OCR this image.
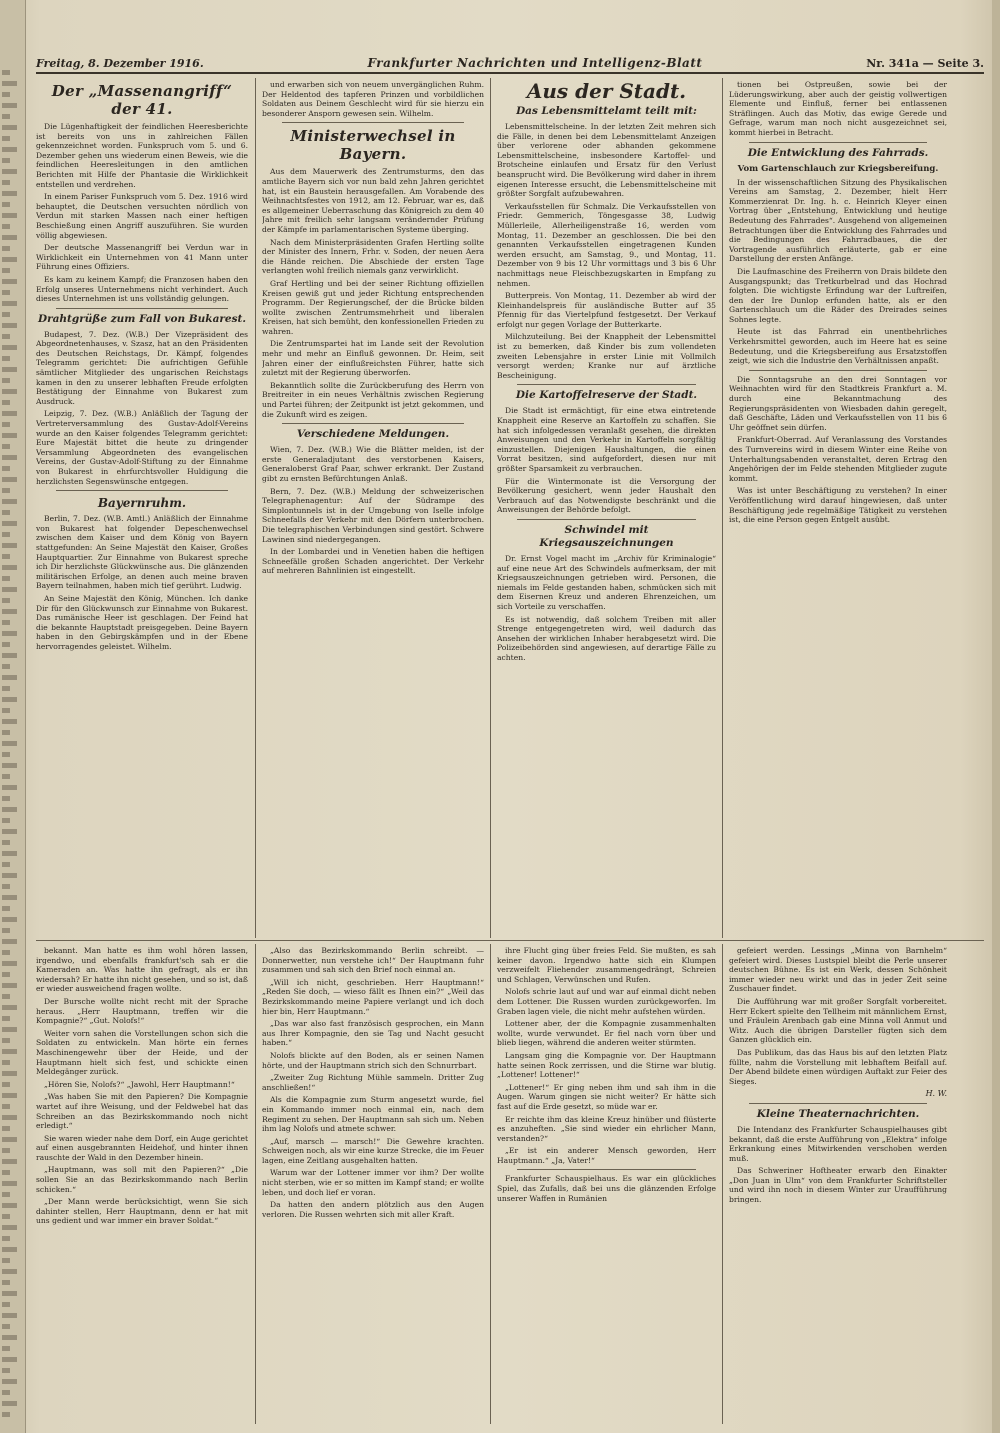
Freitag, 8. Dezember 1916.	Frankfurter Nachrichten und Intelligenz-Blatt	Nr. 341a — Seite 3.
Der „Massenangriff“ der 41.

Die Lügenhaftigkeit der feindlichen Heeresberichte ist bereits von uns in zahlreichen Fällen gekennzeichnet worden. Funkspruch vom 5. und 6. Dezember gehen uns wiederum einen Beweis, wie die feindlichen Heeresleitungen in den amtlichen Berichten mit Hilfe der Phantasie die Wirklichkeit entstellen und verdrehen.

In einem Pariser Funkspruch vom 5. Dez. 1916 wird behauptet, die Deutschen versuchten nördlich von Verdun mit starken Massen nach einer heftigen Beschießung einen Angriff auszuführen. Sie wurden völlig abgewiesen.

Der deutsche Massenangriff bei Verdun war in Wirklichkeit ein Unternehmen von 41 Mann unter Führung eines Offiziers.

Es kam zu keinem Kampf; die Franzosen haben den Erfolg unseres Unternehmens nicht verhindert. Auch dieses Unternehmen ist uns vollständig gelungen.

Drahtgrüße zum Fall von Bukarest.

Budapest, 7. Dez. (W.B.) Der Vizepräsident des Abgeordnetenhauses, v. Szasz, hat an den Präsidenten des Deutschen Reichstags, Dr. Kämpf, folgendes Telegramm gerichtet: Die aufrichtigen Gefühle sämtlicher Mitglieder des ungarischen Reichstags kamen in den zu unserer lebhaften Freude erfolgten Bestätigung der Einnahme von Bukarest zum Ausdruck.

Leipzig, 7. Dez. (W.B.) Anläßlich der Tagung der Vertreterversammlung des Gustav-Adolf-Vereins wurde an den Kaiser folgendes Telegramm gerichtet: Eure Majestät bittet die heute zu dringender Versammlung Abgeordneten des evangelischen Vereins, der Gustav-Adolf-Stiftung zu der Einnahme von Bukarest in ehrfurchtsvoller Huldigung die herzlichsten Segenswünsche entgegen.

Bayernruhm.

Berlin, 7. Dez. (W.B. Amtl.) Anläßlich der Einnahme von Bukarest hat folgender Depeschenwechsel zwischen dem Kaiser und dem König von Bayern stattgefunden: An Seine Majestät den Kaiser, Großes Hauptquartier. Zur Einnahme von Bukarest spreche ich Dir herzlichste Glückwünsche aus. Die glänzenden militärischen Erfolge, an denen auch meine braven Bayern teilnahmen, haben mich tief gerührt. Ludwig.

An Seine Majestät den König, München. Ich danke Dir für den Glückwunsch zur Einnahme von Bukarest. Das rumänische Heer ist geschlagen. Der Feind hat die bekannte Hauptstadt preisgegeben. Deine Bayern haben in den Gebirgskämpfen und in der Ebene hervorragendes geleistet. Wilhelm.

und erwarben sich von neuem unvergänglichen Ruhm. Der Heldentod des tapferen Prinzen und vorbildlichen Soldaten aus Deinem Geschlecht wird für sie hierzu ein besonderer Ansporn gewesen sein. Wilhelm.

Ministerwechsel in Bayern.

Aus dem Mauerwerk des Zentrumsturms, den das amtliche Bayern sich vor nun bald zehn Jahren gerichtet hat, ist ein Baustein herausgefallen. Am Vorabende des Weihnachtsfestes von 1912, am 12. Februar, war es, daß es allgemeiner Ueberraschung das Königreich zu dem 40 Jahre mit freilich sehr langsam verändernder Prüfung der Kämpfe im parlamentarischen Systeme überging.

Nach dem Ministerpräsidenten Grafen Hertling sollte der Minister des Innern, Frhr. v. Soden, der neuen Aera die Hände reichen. Die Abschiede der ersten Tage verlangten wohl freilich niemals ganz verwirklicht.

Graf Hertling und bei der seiner Richtung offiziellen Kreisen gewiß gut und jeder Richtung entsprechenden Programm. Der Regierungschef, der die Brücke bilden wollte zwischen Zentrumsmehrheit und liberalen Kreisen, hat sich bemüht, den konfessionellen Frieden zu wahren.

Die Zentrumspartei hat im Lande seit der Revolution mehr und mehr an Einfluß gewonnen. Dr. Heim, seit Jahren einer der einflußreichsten Führer, hatte sich zuletzt mit der Regierung überworfen.

Bekanntlich sollte die Zurückberufung des Herrn von Breitreiter in ein neues Verhältnis zwischen Regierung und Partei führen; der Zeitpunkt ist jetzt gekommen, und die Zukunft wird es zeigen.

Verschiedene Meldungen.

Wien, 7. Dez. (W.B.) Wie die Blätter melden, ist der erste Generaladjutant des verstorbenen Kaisers, Generaloberst Graf Paar, schwer erkrankt. Der Zustand gibt zu ernsten Befürchtungen Anlaß.

Bern, 7. Dez. (W.B.) Meldung der schweizerischen Telegraphenagentur: Auf der Südrampe des Simplontunnels ist in der Umgebung von Iselle infolge Schneefalls der Verkehr mit den Dörfern unterbrochen. Die telegraphischen Verbindungen sind gestört. Schwere Lawinen sind niedergegangen.

In der Lombardei und in Venetien haben die heftigen Schneefälle großen Schaden angerichtet. Der Verkehr auf mehreren Bahnlinien ist eingestellt.

Aus der Stadt.
Das Lebensmittelamt teilt mit:

Lebensmittelscheine. In der letzten Zeit mehren sich die Fälle, in denen bei dem Lebensmittelamt Anzeigen über verlorene oder abhanden gekommene Lebensmittelscheine, insbesondere Kartoffel- und Brotscheine einlaufen und Ersatz für den Verlust beansprucht wird. Die Bevölkerung wird daher in ihrem eigenen Interesse ersucht, die Lebensmittelscheine mit größter Sorgfalt aufzubewahren.

Verkaufsstellen für Schmalz. Die Verkaufsstellen von Friedr. Gemmerich, Töngesgasse 38, Ludwig Müllerleile, Allerheiligenstraße 16, werden vom Montag, 11. Dezember an geschlossen. Die bei den genannten Verkaufsstellen eingetragenen Kunden werden ersucht, am Samstag, 9., und Montag, 11. Dezember von 9 bis 12 Uhr vormittags und 3 bis 6 Uhr nachmittags neue Fleischbezugskarten in Empfang zu nehmen.

Butterpreis. Von Montag, 11. Dezember ab wird der Kleinhandelspreis für ausländische Butter auf 35 Pfennig für das Viertelpfund festgesetzt. Der Verkauf erfolgt nur gegen Vorlage der Butterkarte.

Milchzuteilung. Bei der Knappheit der Lebensmittel ist zu bemerken, daß Kinder bis zum vollendeten zweiten Lebensjahre in erster Linie mit Vollmilch versorgt werden; Kranke nur auf ärztliche Bescheinigung.

Die Kartoffelreserve der Stadt.

Die Stadt ist ermächtigt, für eine etwa eintretende Knappheit eine Reserve an Kartoffeln zu schaffen. Sie hat sich infolgedessen veranlaßt gesehen, die direkten Anweisungen und den Verkehr in Kartoffeln sorgfältig einzustellen. Diejenigen Haushaltungen, die einen Vorrat besitzen, sind aufgefordert, diesen nur mit größter Sparsamkeit zu verbrauchen.

Für die Wintermonate ist die Versorgung der Bevölkerung gesichert, wenn jeder Haushalt den Verbrauch auf das Notwendigste beschränkt und die Anweisungen der Behörde befolgt.

Schwindel mit Kriegsauszeichnungen

Dr. Ernst Vogel macht im „Archiv für Kriminalogie“ auf eine neue Art des Schwindels aufmerksam, der mit Kriegsauszeichnungen getrieben wird. Personen, die niemals im Felde gestanden haben, schmücken sich mit dem Eisernen Kreuz und anderen Ehrenzeichen, um sich Vorteile zu verschaffen.

Es ist notwendig, daß solchem Treiben mit aller Strenge entgegengetreten wird, weil dadurch das Ansehen der wirklichen Inhaber herabgesetzt wird. Die Polizeibehörden sind angewiesen, auf derartige Fälle zu achten.

tionen bei Ostpreußen, sowie bei der Lüderungswirkung, aber auch der geistig vollwertigen Elemente und Einfluß, ferner bei entlassenen Sträflingen. Auch das Motiv, das ewige Gerede und Gefrage, warum man noch nicht ausgezeichnet sei, kommt hierbei in Betracht.

Die Entwicklung des Fahrrads.
Vom Gartenschlauch zur Kriegsbereifung.

In der wissenschaftlichen Sitzung des Physikalischen Vereins am Samstag, 2. Dezember, hielt Herr Kommerzienrat Dr. Ing. h. c. Heinrich Kleyer einen Vortrag über „Entstehung, Entwicklung und heutige Bedeutung des Fahrrades“. Ausgehend von allgemeinen Betrachtungen über die Entwicklung des Fahrrades und die Bedingungen des Fahrradbaues, die der Vortragende ausführlich erläuterte, gab er eine Darstellung der ersten Anfänge.

Die Laufmaschine des Freiherrn von Drais bildete den Ausgangspunkt; das Tretkurbelrad und das Hochrad folgten. Die wichtigste Erfindung war der Luftreifen, den der Ire Dunlop erfunden hatte, als er den Gartenschlauch um die Räder des Dreirades seines Sohnes legte.

Heute ist das Fahrrad ein unentbehrliches Verkehrsmittel geworden, auch im Heere hat es seine Bedeutung, und die Kriegsbereifung aus Ersatzstoffen zeigt, wie sich die Industrie den Verhältnissen anpaßt.

Die Sonntagsruhe an den drei Sonntagen vor Weihnachten wird für den Stadtkreis Frankfurt a. M. durch eine Bekanntmachung des Regierungspräsidenten von Wiesbaden dahin geregelt, daß Geschäfte, Läden und Verkaufsstellen von 11 bis 6 Uhr geöffnet sein dürfen.

Frankfurt-Oberrad. Auf Veranlassung des Vorstandes des Turnvereins wird in diesem Winter eine Reihe von Unterhaltungsabenden veranstaltet, deren Ertrag den Angehörigen der im Felde stehenden Mitglieder zugute kommt.

Was ist unter Beschäftigung zu verstehen? In einer Veröffentlichung wird darauf hingewiesen, daß unter Beschäftigung jede regelmäßige Tätigkeit zu verstehen ist, die eine Person gegen Entgelt ausübt.

bekannt. Man hatte es ihm wohl hören lassen, irgendwo, und ebenfalls frankfurt'sch sah er die Kameraden an. Was hatte ihn gefragt, als er ihn wiedersah? Er hatte ihn nicht gesehen, und so ist, daß er wieder ausweichend fragen wollte.

Der Bursche wollte nicht recht mit der Sprache heraus. „Herr Hauptmann, treffen wir die Kompagnie?“ „Gut. Nolofs!“

Weiter vorn sahen die Vorstellungen schon sich die Soldaten zu entwickeln. Man hörte ein fernes Maschinengewehr über der Heide, und der Hauptmann hielt sich fest, und schickte einen Meldegänger zurück.

„Hören Sie, Nolofs?“ „Jawohl, Herr Hauptmann!“

„Was haben Sie mit den Papieren? Die Kompagnie wartet auf ihre Weisung, und der Feldwebel hat das Schreiben an das Bezirkskommando noch nicht erledigt.“

Sie waren wieder nahe dem Dorf, ein Auge gerichtet auf einen ausgebrannten Heidehof, und hinter ihnen rauschte der Wald in den Dezember hinein.

„Hauptmann, was soll mit den Papieren?“ „Die sollen Sie an das Bezirkskommando nach Berlin schicken.“

„Der Mann werde berücksichtigt, wenn Sie sich dahinter stellen, Herr Hauptmann, denn er hat mit uns gedient und war immer ein braver Soldat.“

„Also das Bezirkskommando Berlin schreibt. — Donnerwetter, nun verstehe ich!“ Der Hauptmann fuhr zusammen und sah sich den Brief noch einmal an.

„Will ich nicht, geschrieben. Herr Hauptmann!“ „Reden Sie doch, — wieso fällt es Ihnen ein?“ „Weil das Bezirkskommando meine Papiere verlangt und ich doch hier bin, Herr Hauptmann.“

„Das war also fast französisch gesprochen, ein Mann aus Ihrer Kompagnie, den sie Tag und Nacht gesucht haben.“

Nolofs blickte auf den Boden, als er seinen Namen hörte, und der Hauptmann strich sich den Schnurrbart.

„Zweiter Zug Richtung Mühle sammeln. Dritter Zug anschließen!“

Als die Kompagnie zum Sturm angesetzt wurde, fiel ein Kommando immer noch einmal ein, nach dem Regiment zu sehen. Der Hauptmann sah sich um. Neben ihm lag Nolofs und atmete schwer.

„Auf, marsch — marsch!“ Die Gewehre krachten. Schweigen noch, als wir eine kurze Strecke, die im Feuer lagen, eine Zeitlang ausgehalten hatten.

Warum war der Lottener immer vor ihm? Der wollte nicht sterben, wie er so mitten im Kampf stand; er wollte leben, und doch lief er voran.

Da hatten den andern plötzlich aus den Augen verloren. Die Russen wehrten sich mit aller Kraft.

ihre Flucht ging über freies Feld. Sie mußten, es sah keiner davon. Irgendwo hatte sich ein Klumpen verzweifelt Fliehender zusammengedrängt, Schreien und Schlagen, Verwünschen und Rufen.

Nolofs schrie laut auf und war auf einmal dicht neben dem Lottener. Die Russen wurden zurückgeworfen. Im Graben lagen viele, die nicht mehr aufstehen würden.

Lottener aber, der die Kompagnie zusammenhalten wollte, wurde verwundet. Er fiel nach vorn über und blieb liegen, während die anderen weiter stürmten.

Langsam ging die Kompagnie vor. Der Hauptmann hatte seinen Rock zerrissen, und die Stirne war blutig. „Lottener! Lottener!“

„Lottener!“ Er ging neben ihm und sah ihm in die Augen. Warum gingen sie nicht weiter? Er hätte sich fast auf die Erde gesetzt, so müde war er.

Er reichte ihm das kleine Kreuz hinüber und flüsterte es anzuheften. „Sie sind wieder ein ehrlicher Mann, verstanden?“

„Er ist ein anderer Mensch geworden, Herr Hauptmann.“ „Ja, Vater!“

Frankfurter Schauspielhaus. Es war ein glückliches Spiel, das Zufalls, daß bei uns die glänzenden Erfolge unserer Waffen in Rumänien

gefeiert werden. Lessings „Minna von Barnhelm“ gefeiert wird. Dieses Lustspiel bleibt die Perle unserer deutschen Bühne. Es ist ein Werk, dessen Schönheit immer wieder neu wirkt und das in jeder Zeit seine Zuschauer findet.

Die Aufführung war mit großer Sorgfalt vorbereitet. Herr Eckert spielte den Tellheim mit männlichem Ernst, und Fräulein Arenbach gab eine Minna voll Anmut und Witz. Auch die übrigen Darsteller fügten sich dem Ganzen glücklich ein.

Das Publikum, das das Haus bis auf den letzten Platz füllte, nahm die Vorstellung mit lebhaftem Beifall auf. Der Abend bildete einen würdigen Auftakt zur Feier des Sieges.

H. W.
Kleine Theaternachrichten.

Die Intendanz des Frankfurter Schauspielhauses gibt bekannt, daß die erste Aufführung von „Elektra“ infolge Erkrankung eines Mitwirkenden verschoben werden muß.

Das Schweriner Hoftheater erwarb den Einakter „Don Juan in Ulm“ von dem Frankfurter Schriftsteller und wird ihn noch in diesem Winter zur Uraufführung bringen.
